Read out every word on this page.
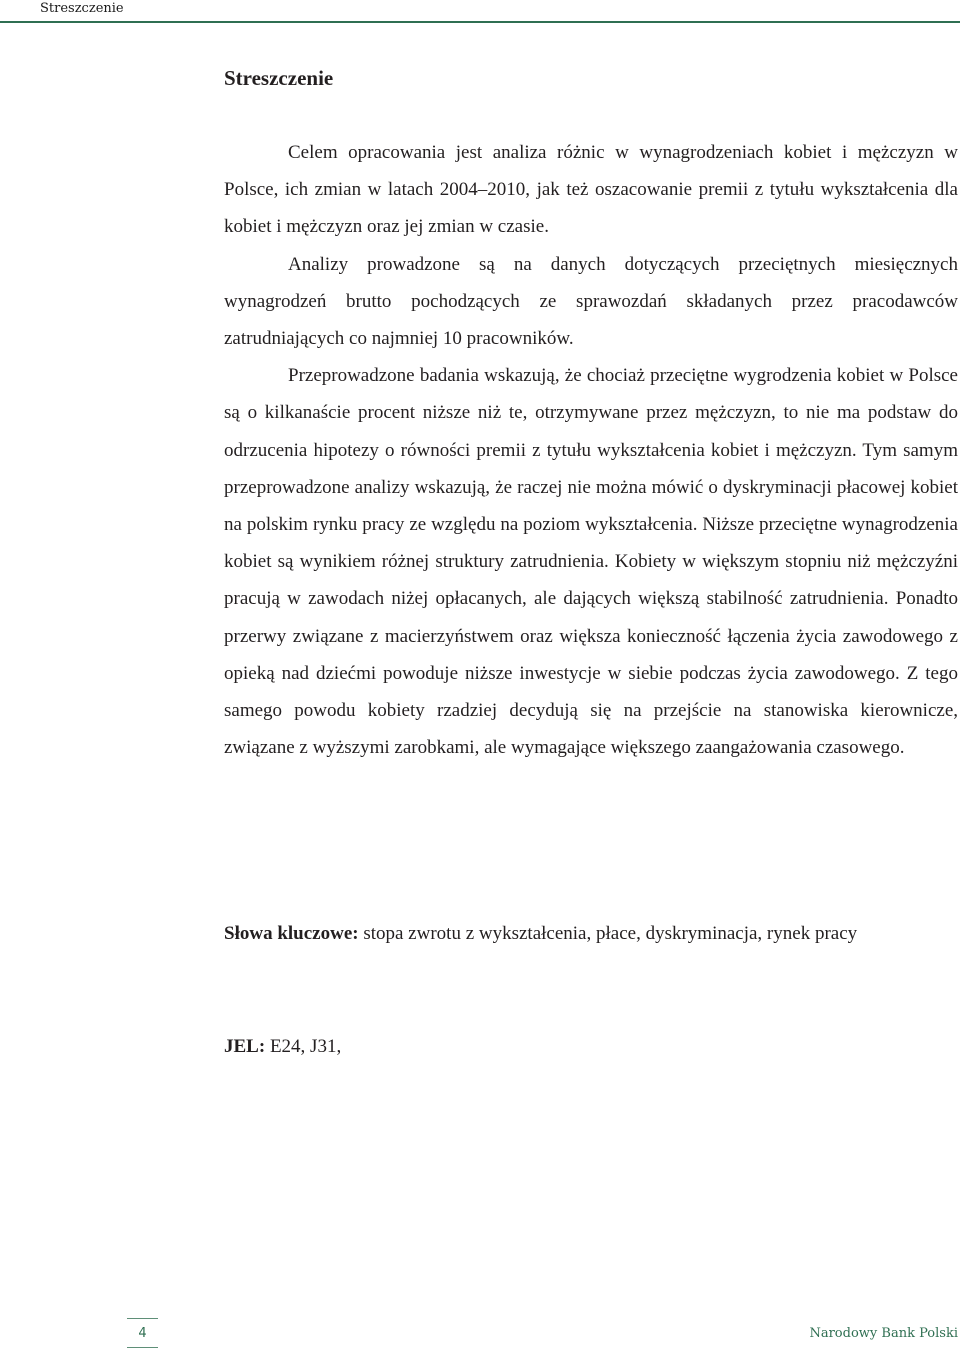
Streszczenie
Streszczenie

Celem opracowania jest analiza różnic w wynagrodzeniach kobiet i mężczyzn w Polsce, ich zmian w latach 2004–2010, jak też oszacowanie premii z tytułu wykształcenia dla kobiet i mężczyzn oraz jej zmian w czasie.

Analizy prowadzone są na danych dotyczących przeciętnych miesięcznych wynagrodzeń brutto pochodzących ze sprawozdań składanych przez pracodawców zatrudniających co najmniej 10 pracowników.

Przeprowadzone badania wskazują, że chociaż przeciętne wygrodzenia kobiet w Polsce są o kilkanaście procent niższe niż te, otrzymywane przez mężczyzn, to nie ma podstaw do odrzucenia hipotezy o równości premii z tytułu wykształcenia kobiet i mężczyzn. Tym samym przeprowadzone analizy wskazują, że raczej nie można mówić o dyskryminacji płacowej kobiet na polskim rynku pracy ze względu na poziom wykształcenia. Niższe przeciętne wynagrodzenia kobiet są wynikiem różnej struktury zatrudnienia. Kobiety w większym stopniu niż mężczyźni pracują w zawodach niżej opłacanych, ale dających większą stabilność zatrudnienia. Ponadto przerwy związane z macierzyństwem oraz większa konieczność łączenia życia zawodowego z opieką nad dziećmi powoduje niższe inwestycje w siebie podczas życia zawodowego. Z tego samego powodu kobiety rzadziej decydują się na przejście na stanowiska kierownicze, związane z wyższymi zarobkami, ale wymagające większego zaangażowania czasowego.

Słowa kluczowe: stopa zwrotu z wykształcenia, płace, dyskryminacja, rynek pracy

JEL: E24, J31,

4	Narodowy Bank Polski
